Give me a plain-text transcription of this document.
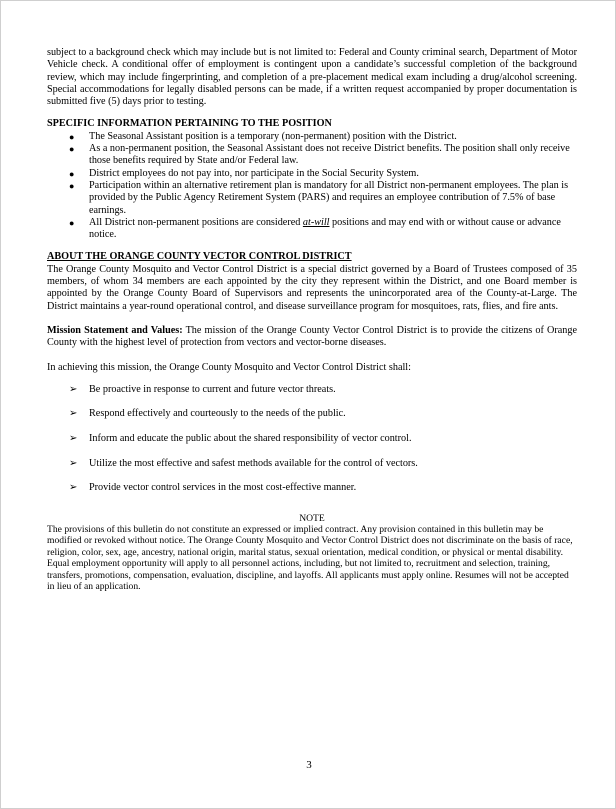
subject to a background check which may include but is not limited to: Federal and County criminal search, Department of Motor Vehicle check. A conditional offer of employment is contingent upon a candidate’s successful completion of the background review, which may include fingerprinting, and completion of a pre-placement medical exam including a drug/alcohol screening. Special accommodations for legally disabled persons can be made, if a written request accompanied by proper documentation is submitted five (5) days prior to testing.

SPECIFIC INFORMATION PERTAINING TO THE POSITION

● The Seasonal Assistant position is a temporary (non-permanent) position with the District.
● As a non-permanent position, the Seasonal Assistant does not receive District benefits. The position shall only receive those benefits required by State and/or Federal law.
● District employees do not pay into, nor participate in the Social Security System.
● Participation within an alternative retirement plan is mandatory for all District non-permanent employees. The plan is provided by the Public Agency Retirement System (PARS) and requires an employee contribution of 7.5% of base earnings.
● All District non-permanent positions are considered at-will positions and may end with or without cause or advance notice.

ABOUT THE ORANGE COUNTY VECTOR CONTROL DISTRICT

The Orange County Mosquito and Vector Control District is a special district governed by a Board of Trustees composed of 35 members, of whom 34 members are each appointed by the city they represent within the District, and one Board member is appointed by the Orange County Board of Supervisors and represents the unincorporated area of the County-at-Large. The District maintains a year-round operational control, and disease surveillance program for mosquitoes, rats, flies, and fire ants.

Mission Statement and Values: The mission of the Orange County Vector Control District is to provide the citizens of Orange County with the highest level of protection from vectors and vector-borne diseases.

In achieving this mission, the Orange County Mosquito and Vector Control District shall:

➢ Be proactive in response to current and future vector threats.
➢ Respond effectively and courteously to the needs of the public.
➢ Inform and educate the public about the shared responsibility of vector control.
➢ Utilize the most effective and safest methods available for the control of vectors.
➢ Provide vector control services in the most cost-effective manner.

NOTE

The provisions of this bulletin do not constitute an expressed or implied contract. Any provision contained in this bulletin may be modified or revoked without notice. The Orange County Mosquito and Vector Control District does not discriminate on the basis of race, religion, color, sex, age, ancestry, national origin, marital status, sexual orientation, medical condition, or physical or mental disability. Equal employment opportunity will apply to all personnel actions, including, but not limited to, recruitment and selection, training, transfers, promotions, compensation, evaluation, discipline, and layoffs. All applicants must apply online. Resumes will not be accepted in lieu of an application.

3
